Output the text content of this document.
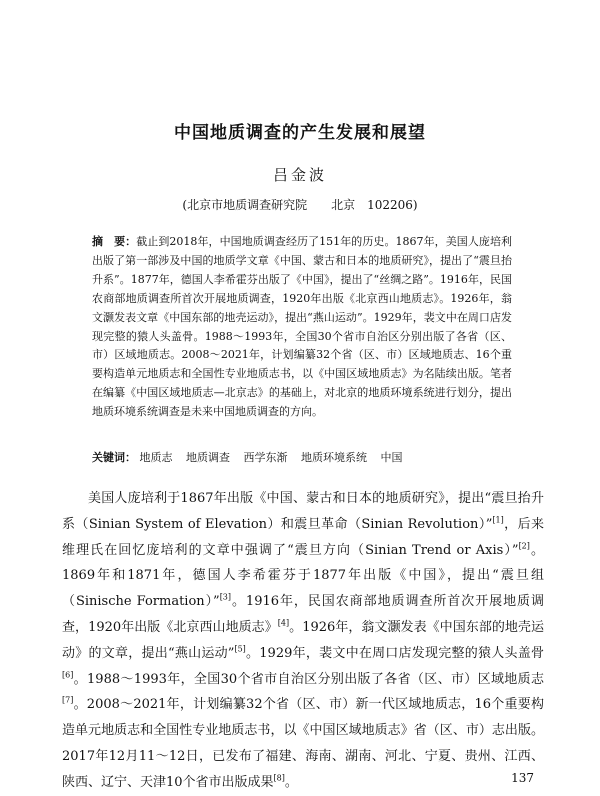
中国地质调查的产生发展和展望
吕金波
(北京市地质调查研究院　　北京　102206)
摘　要：截止到2018年，中国地质调查经历了151年的历史。1867年，美国人庞培利出版了第一部涉及中国的地质学文章《中国、蒙古和日本的地质研究》，提出了“震旦抬升系”。1877年，德国人李希霍芬出版了《中国》，提出了“丝绸之路”。1916年，民国农商部地质调查所首次开展地质调查，1920年出版《北京西山地质志》。1926年，翁文灏发表文章《中国东部的地壳运动》，提出“燕山运动”。1929年，裴文中在周口店发现完整的猿人头盖骨。1988～1993年，全国30个省市自治区分别出版了各省（区、市）区域地质志。2008～2021年，计划编纂32个省（区、市）区域地质志、16个重要构造单元地质志和全国性专业地质志书，以《中国区域地质志》为名陆续出版。笔者在编纂《中国区域地质志—北京志》的基础上，对北京的地质环境系统进行划分，提出地质环境系统调查是未来中国地质调查的方向。
关键词： 地质志 地质调查 西学东渐 地质环境系统 中国
美国人庞培利于1867年出版《中国、蒙古和日本的地质研究》，提出“震旦抬升系（Sinian System of Elevation）和震旦革命（Sinian Revolution）”[1]，后来维理氏在回忆庞培利的文章中强调了“震旦方向（Sinian Trend or Axis）”[2]。1869年和1871年，德国人李希霍芬于1877年出版《中国》，提出“震旦组（Sinische Formation）”[3]。1916年，民国农商部地质调查所首次开展地质调查，1920年出版《北京西山地质志》[4]。1926年，翁文灏发表《中国东部的地壳运动》的文章，提出“燕山运动”[5]。1929年，裴文中在周口店发现完整的猿人头盖骨[6]。1988～1993年，全国30个省市自治区分别出版了各省（区、市）区域地质志[7]。2008～2021年，计划编纂32个省（区、市）新一代区域地质志，16个重要构造单元地质志和全国性专业地质志书，以《中国区域地质志》省（区、市）志出版。2017年12月11～12日，已发布了福建、海南、湖南、河北、宁夏、贵州、江西、陕西、辽宁、天津10个省市出版成果[8]。	137
